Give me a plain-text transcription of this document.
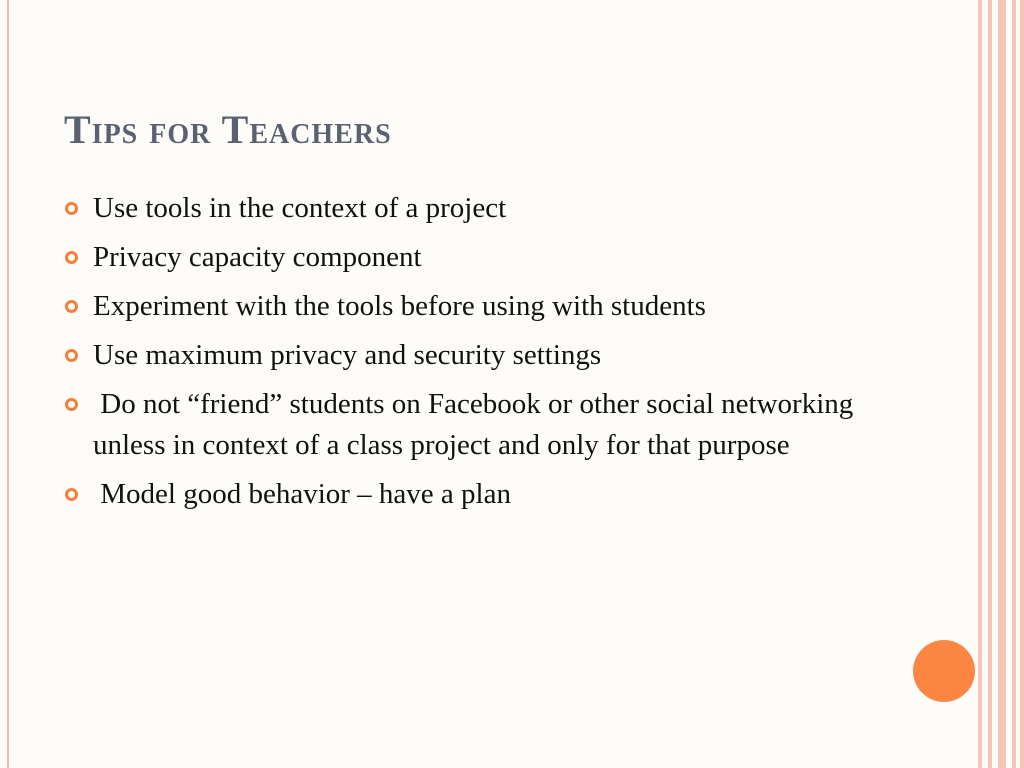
Tips for Teachers
Use tools in the context of a project
Privacy capacity component
Experiment with the tools before using with students
Use maximum privacy and security settings
Do not “friend” students on Facebook or other social networking unless in context of a class project and only for that purpose
Model good behavior – have a plan
